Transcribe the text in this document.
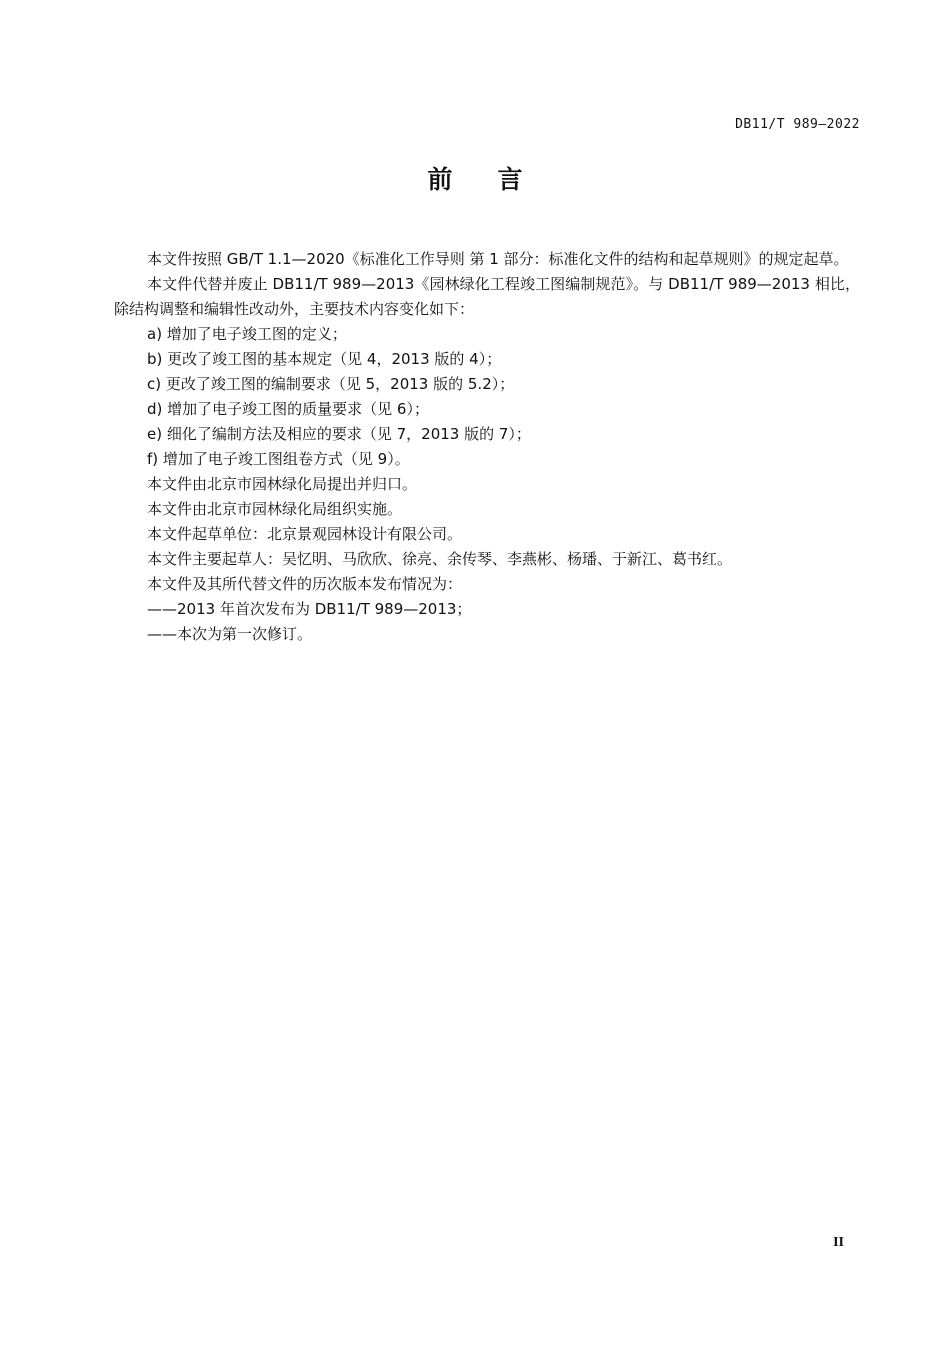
DB11/T 989—2022
前言

本文件按照 GB/T 1.1—2020《标准化工作导则 第 1 部分：标准化文件的结构和起草规则》的规定起草。

本文件代替并废止 DB11/T 989—2013《园林绿化工程竣工图编制规范》。与 DB11/T 989—2013 相比，除结构调整和编辑性改动外，主要技术内容变化如下：

a) 增加了电子竣工图的定义；

b) 更改了竣工图的基本规定（见 4，2013 版的 4）；

c) 更改了竣工图的编制要求（见 5，2013 版的 5.2）；

d) 增加了电子竣工图的质量要求（见 6）；

e) 细化了编制方法及相应的要求（见 7，2013 版的 7）；

f) 增加了电子竣工图组卷方式（见 9）。

本文件由北京市园林绿化局提出并归口。

本文件由北京市园林绿化局组织实施。

本文件起草单位：北京景观园林设计有限公司。

本文件主要起草人：吴忆明、马欣欣、徐亮、余传琴、李燕彬、杨璠、于新江、葛书红。

本文件及其所代替文件的历次版本发布情况为：

——2013 年首次发布为 DB11/T 989—2013；

——本次为第一次修订。

II
